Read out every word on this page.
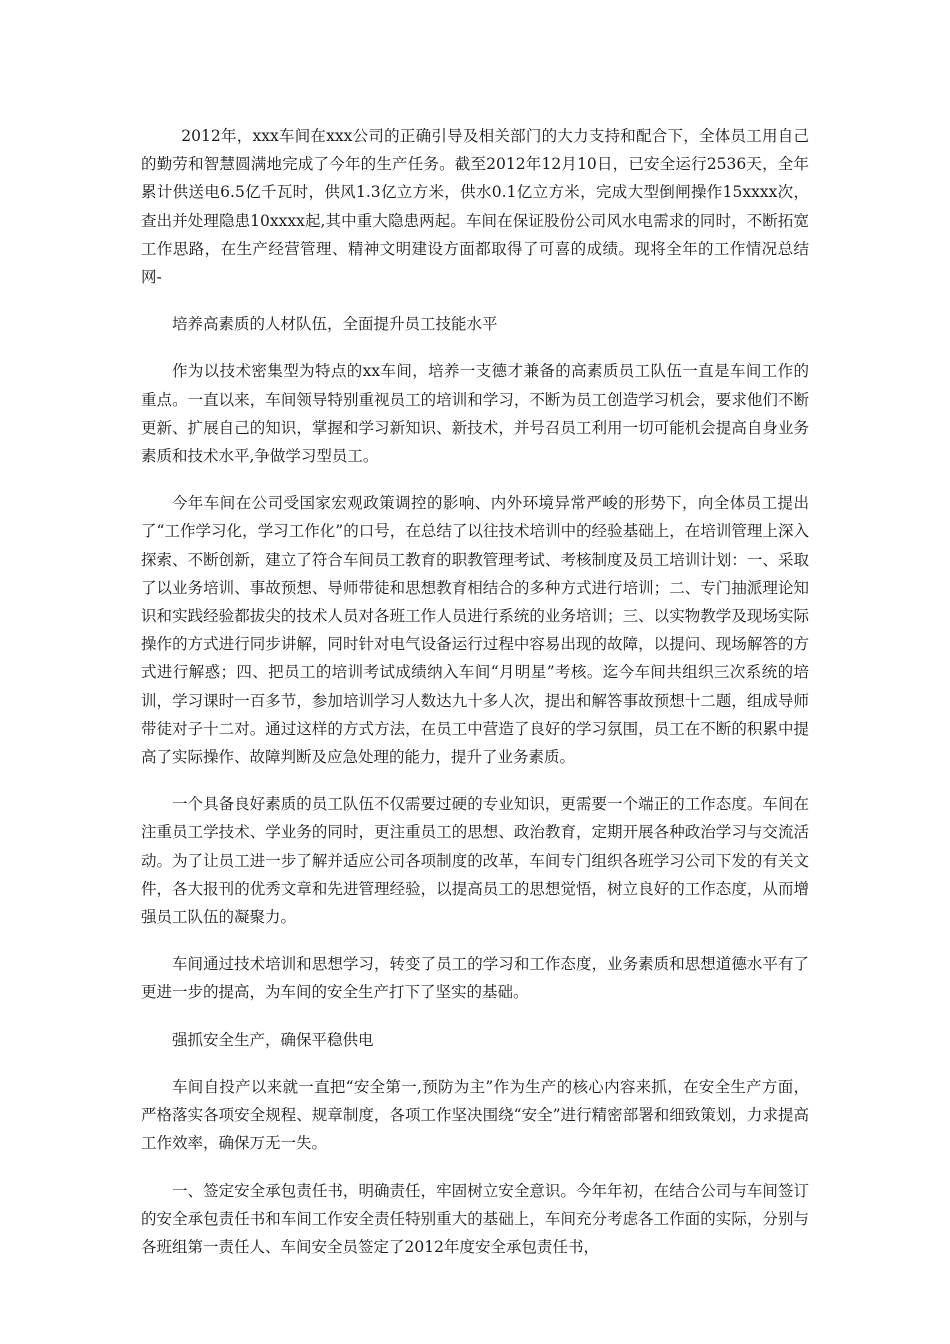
2012年，xxx车间在xxx公司的正确引导及相关部门的大力支持和配合下，全体员工用自己的勤劳和智慧圆满地完成了今年的生产任务。截至2012年12月10日，已安全运行2536天，全年累计供送电6.5亿千瓦时，供风1.3亿立方米，供水0.1亿立方米，完成大型倒闸操作15xxxx次，查出并处理隐患10xxxx起,其中重大隐患两起。车间在保证股份公司风水电需求的同时，不断拓宽工作思路，在生产经营管理、精神文明建设方面都取得了可喜的成绩。现将全年的工作情况总结网-

培养高素质的人材队伍，全面提升员工技能水平

作为以技术密集型为特点的xx车间，培养一支德才兼备的高素质员工队伍一直是车间工作的重点。一直以来，车间领导特别重视员工的培训和学习，不断为员工创造学习机会，要求他们不断更新、扩展自己的知识，掌握和学习新知识、新技术，并号召员工利用一切可能机会提高自身业务素质和技术水平,争做学习型员工。

今年车间在公司受国家宏观政策调控的影响、内外环境异常严峻的形势下，向全体员工提出了“工作学习化，学习工作化”的口号，在总结了以往技术培训中的经验基础上，在培训管理上深入探索、不断创新，建立了符合车间员工教育的职教管理考试、考核制度及员工培训计划：一、采取了以业务培训、事故预想、导师带徒和思想教育相结合的多种方式进行培训；二、专门抽派理论知识和实践经验都拔尖的技术人员对各班工作人员进行系统的业务培训；三、以实物教学及现场实际操作的方式进行同步讲解，同时针对电气设备运行过程中容易出现的故障，以提问、现场解答的方式进行解惑；四、把员工的培训考试成绩纳入车间“月明星”考核。迄今车间共组织三次系统的培训，学习课时一百多节，参加培训学习人数达九十多人次，提出和解答事故预想十二题，组成导师带徒对子十二对。通过这样的方式方法，在员工中营造了良好的学习氛围，员工在不断的积累中提高了实际操作、故障判断及应急处理的能力，提升了业务素质。

一个具备良好素质的员工队伍不仅需要过硬的专业知识，更需要一个端正的工作态度。车间在注重员工学技术、学业务的同时，更注重员工的思想、政治教育，定期开展各种政治学习与交流活动。为了让员工进一步了解并适应公司各项制度的改革，车间专门组织各班学习公司下发的有关文件，各大报刊的优秀文章和先进管理经验，以提高员工的思想觉悟，树立良好的工作态度，从而增强员工队伍的凝聚力。

车间通过技术培训和思想学习，转变了员工的学习和工作态度，业务素质和思想道德水平有了更进一步的提高，为车间的安全生产打下了坚实的基础。

强抓安全生产，确保平稳供电

车间自投产以来就一直把“安全第一,预防为主”作为生产的核心内容来抓，在安全生产方面，严格落实各项安全规程、规章制度，各项工作坚决围绕“安全”进行精密部署和细致策划，力求提高工作效率，确保万无一失。

一、签定安全承包责任书，明确责任，牢固树立安全意识。今年年初，在结合公司与车间签订的安全承包责任书和车间工作安全责任特别重大的基础上，车间充分考虑各工作面的实际，分别与各班组第一责任人、车间安全员签定了2012年度安全承包责任书，
